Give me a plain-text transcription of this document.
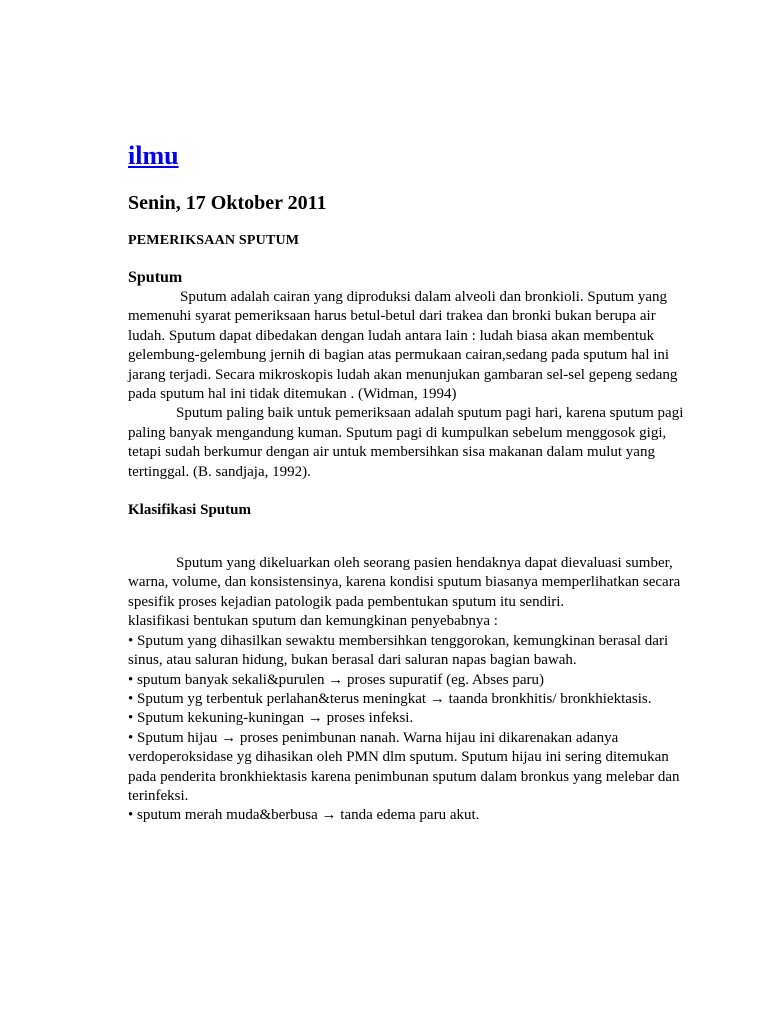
ilmu
Senin, 17 Oktober 2011
PEMERIKSAAN SPUTUM
Sputum

Sputum adalah cairan yang diproduksi dalam alveoli dan bronkioli. Sputum yang memenuhi syarat pemeriksaan harus betul-betul dari trakea dan bronki bukan berupa air ludah. Sputum dapat dibedakan dengan ludah antara lain : ludah biasa akan membentuk gelembung-gelembung jernih di bagian atas permukaan cairan,sedang pada sputum hal ini jarang terjadi. Secara mikroskopis ludah akan menunjukan gambaran sel-sel gepeng sedang pada sputum hal ini tidak ditemukan . (Widman, 1994)

Sputum paling baik untuk pemeriksaan adalah sputum pagi hari, karena sputum pagi paling banyak mengandung kuman. Sputum pagi di kumpulkan sebelum menggosok gigi, tetapi sudah berkumur dengan air untuk membersihkan sisa makanan dalam mulut yang tertinggal. (B. sandjaja, 1992).

Klasifikasi Sputum

Sputum yang dikeluarkan oleh seorang pasien hendaknya dapat dievaluasi sumber, warna, volume, dan konsistensinya, karena kondisi sputum biasanya memperlihatkan secara spesifik proses kejadian patologik pada pembentukan sputum itu sendiri.

klasifikasi bentukan sputum dan kemungkinan penyebabnya :

• Sputum yang dihasilkan sewaktu membersihkan tenggorokan, kemungkinan berasal dari sinus, atau saluran hidung, bukan berasal dari saluran napas bagian bawah.

• sputum banyak sekali&purulen → proses supuratif (eg. Abses paru)

• Sputum yg terbentuk perlahan&terus meningkat → taanda bronkhitis/ bronkhiektasis.

• Sputum kekuning-kuningan → proses infeksi.

• Sputum hijau → proses penimbunan nanah. Warna hijau ini dikarenakan adanya verdoperoksidase yg dihasikan oleh PMN dlm sputum. Sputum hijau ini sering ditemukan pada penderita bronkhiektasis karena penimbunan sputum dalam bronkus yang melebar dan terinfeksi.

• sputum merah muda&berbusa → tanda edema paru akut.
